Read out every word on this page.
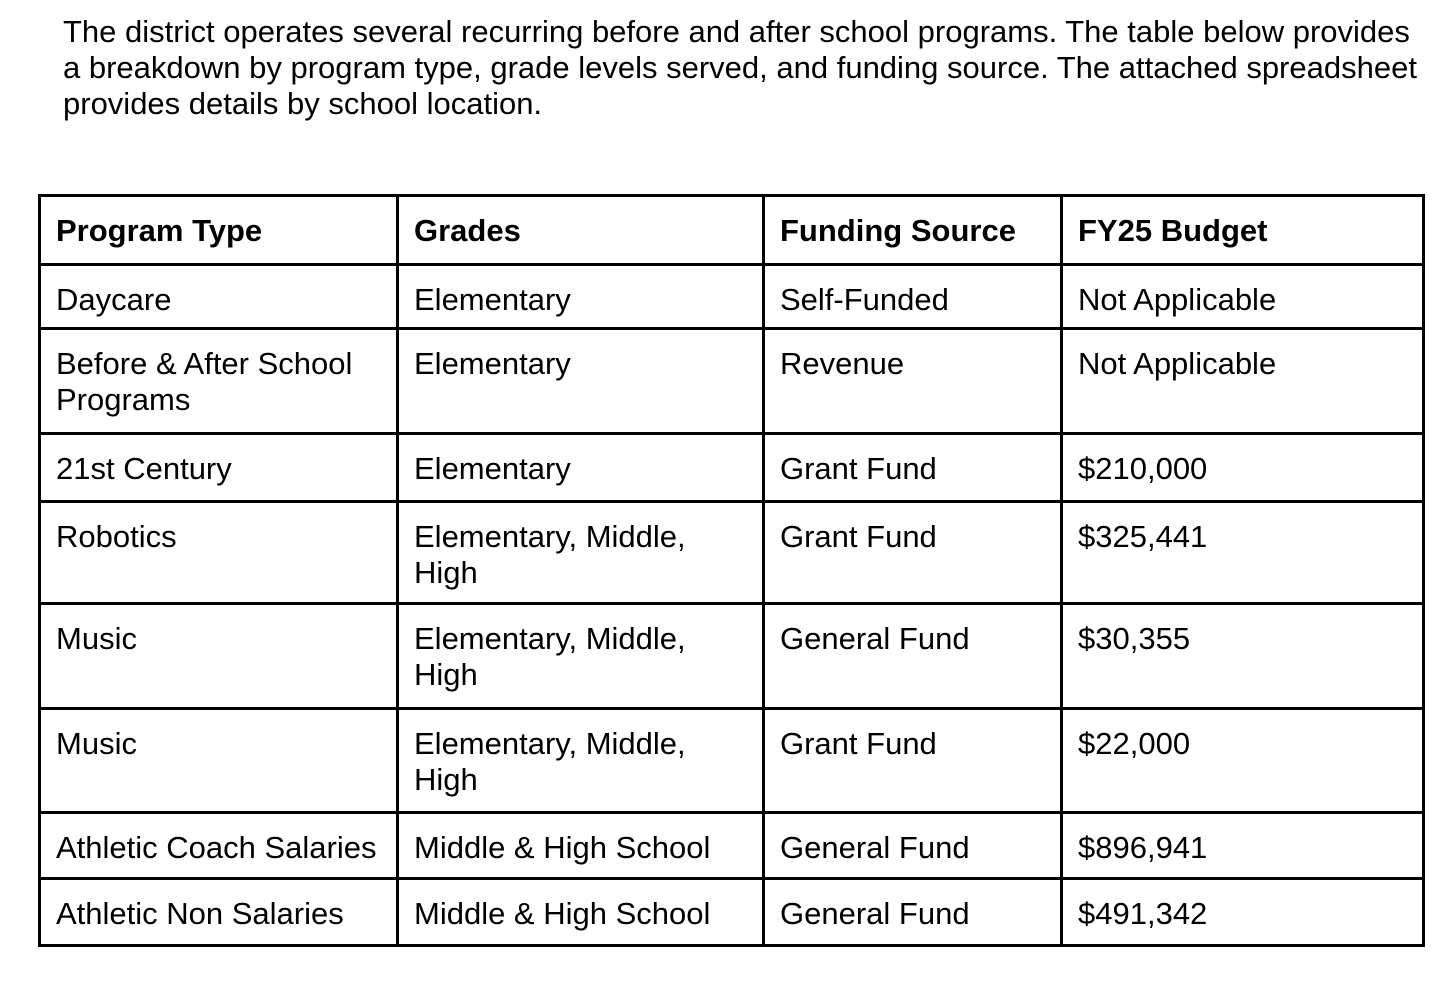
The district operates several recurring before and after school programs. The table below provides a breakdown by program type, grade levels served, and funding source. The attached spreadsheet provides details by school location.

Program Type	Grades	Funding Source	FY25 Budget
Daycare	Elementary	Self-Funded	Not Applicable
Before & After School Programs	Elementary	Revenue	Not Applicable
21st Century	Elementary	Grant Fund	$210,000
Robotics	Elementary, Middle, High	Grant Fund	$325,441
Music	Elementary, Middle, High	General Fund	$30,355
Music	Elementary, Middle, High	Grant Fund	$22,000
Athletic Coach Salaries	Middle & High School	General Fund	$896,941
Athletic Non Salaries	Middle & High School	General Fund	$491,342
